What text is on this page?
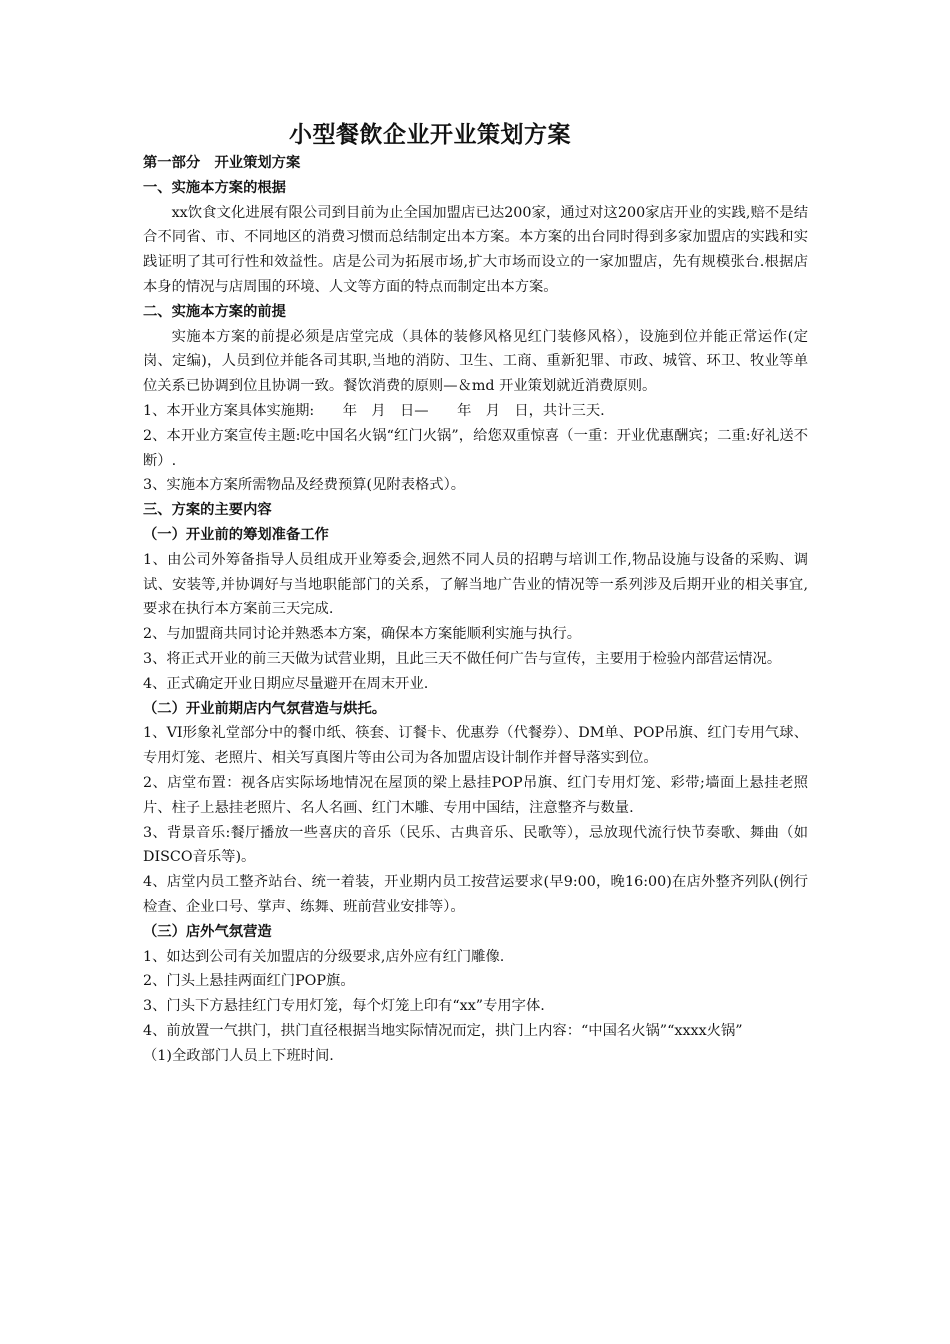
小型餐飲企业开业策划方案

第一部分　开业策划方案

一、实施本方案的根据

xx饮食文化进展有限公司到目前为止全国加盟店已达200家，通过对这200家店开业的实践,赔不是结合不同省、市、不同地区的消费习惯而总结制定出本方案。本方案的出台同时得到多家加盟店的实践和实践证明了其可行性和效益性。店是公司为拓展市场,扩大市场而设立的一家加盟店，先有规模张台.根据店本身的情况与店周围的环境、人文等方面的特点而制定出本方案。

二、实施本方案的前提

实施本方案的前提必须是店堂完成（具体的装修风格见红门装修风格），设施到位并能正常运作(定岗、定编)，人员到位并能各司其职,当地的消防、卫生、工商、重新犯罪、市政、城管、环卫、牧业等单位关系已协调到位且协调一致。餐饮消费的原则—＆md 开业策划就近消费原则。

1、本开业方案具体实施期:　　年　月　日—　　年　月　日，共计三天.

2、本开业方案宣传主题:吃中国名火锅“红门火锅”，给您双重惊喜（一重：开业优惠酬宾；二重:好礼送不断）.

3、实施本方案所需物品及经费预算(见附表格式）。

三、方案的主要内容

（一）开业前的筹划准备工作

1、由公司外筹备指导人员组成开业筹委会,迥然不同人员的招聘与培训工作,物品设施与设备的采购、调试、安装等,并协调好与当地职能部门的关系，了解当地广告业的情况等一系列涉及后期开业的相关事宜,要求在执行本方案前三天完成.

2、与加盟商共同讨论并熟悉本方案，确保本方案能顺利实施与执行。

3、将正式开业的前三天做为试营业期，且此三天不做任何广告与宣传，主要用于检验内部营运情况。

4、正式确定开业日期应尽量避开在周末开业.

（二）开业前期店内气氛营造与烘托。

1、VI形象礼堂部分中的餐巾纸、筷套、订餐卡、优惠券（代餐券）、DM单、POP吊旗、红门专用气球、专用灯笼、老照片、相关写真图片等由公司为各加盟店设计制作并督导落实到位。

2、店堂布置：视各店实际场地情况在屋顶的梁上悬挂POP吊旗、红门专用灯笼、彩带;墙面上悬挂老照片、柱子上悬挂老照片、名人名画、红门木雕、专用中国结，注意整齐与数量.

3、背景音乐:餐厅播放一些喜庆的音乐（民乐、古典音乐、民歌等），忌放现代流行快节奏歌、舞曲（如DISCO音乐等)。

4、店堂内员工整齐站台、统一着装，开业期内员工按营运要求(早9:00，晚16:00)在店外整齐列队(例行检查、企业口号、掌声、练舞、班前营业安排等）。

（三）店外气氛营造

1、如达到公司有关加盟店的分级要求,店外应有红门雕像.

2、门头上悬挂两面红门POP旗。

3、门头下方悬挂红门专用灯笼，每个灯笼上印有“xx”专用字体.

4、前放置一气拱门，拱门直径根据当地实际情况而定，拱门上内容：“中国名火锅”“xxxx火锅”

（1)全政部门人员上下班时间.
